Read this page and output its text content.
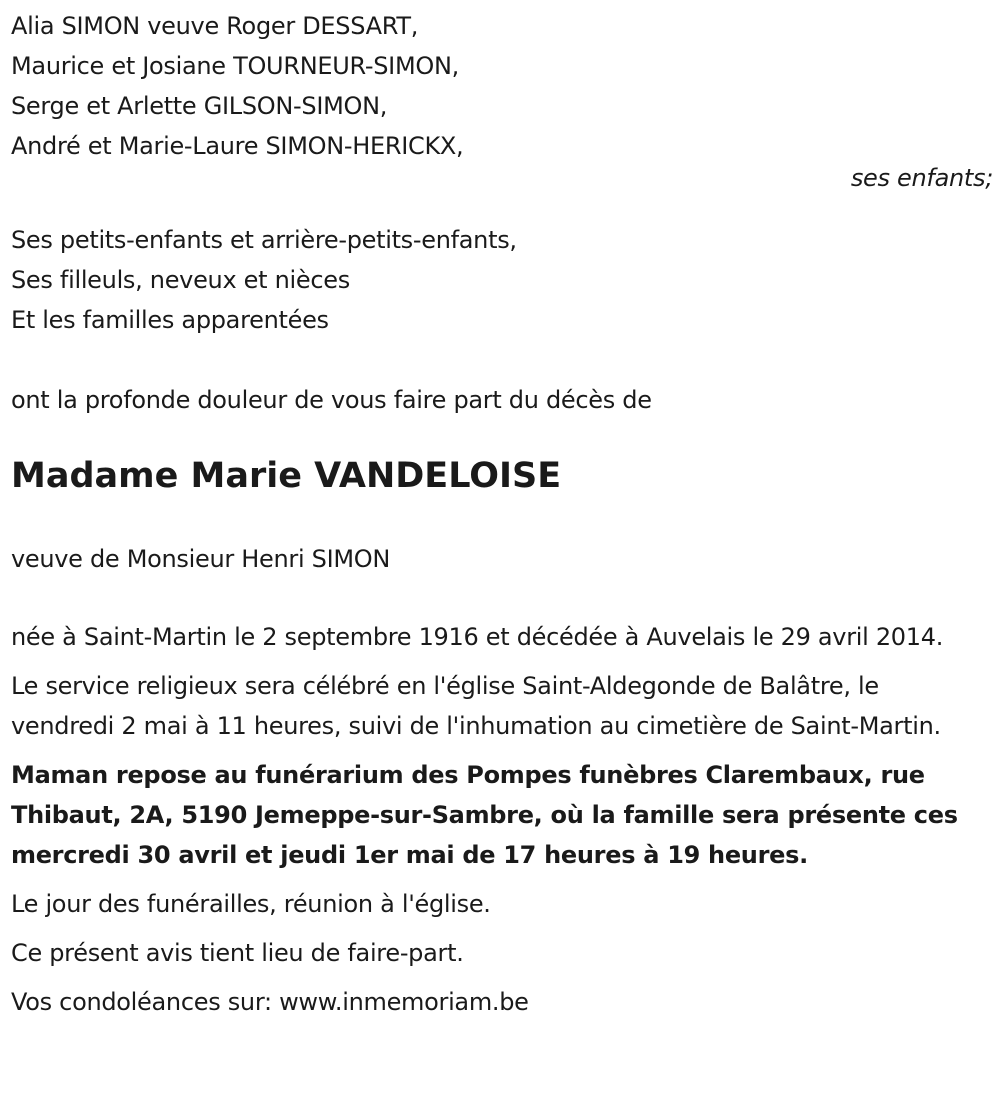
Alia SIMON veuve Roger DESSART,

Maurice et Josiane TOURNEUR-SIMON,

Serge et Arlette GILSON-SIMON,

André et Marie-Laure SIMON-HERICKX,

ses enfants;

Ses petits-enfants et arrière-petits-enfants,

Ses filleuls, neveux et nièces

Et les familles apparentées

ont la profonde douleur de vous faire part du décès de

Madame Marie VANDELOISE

veuve de Monsieur Henri SIMON

née à Saint-Martin le 2 septembre 1916 et décédée à Auvelais le 29 avril 2014.

Le service religieux sera célébré en l'église Saint-Aldegonde de Balâtre, le vendredi 2 mai à 11 heures, suivi de l'inhumation au cimetière de Saint-Martin.

Maman repose au funérarium des Pompes funèbres Clarembaux, rue Thibaut, 2A, 5190 Jemeppe-sur-Sambre, où la famille sera présente ces mercredi 30 avril et jeudi 1er mai de 17 heures à 19 heures.

Le jour des funérailles, réunion à l'église.

Ce présent avis tient lieu de faire-part.

Vos condoléances sur: www.inmemoriam.be
